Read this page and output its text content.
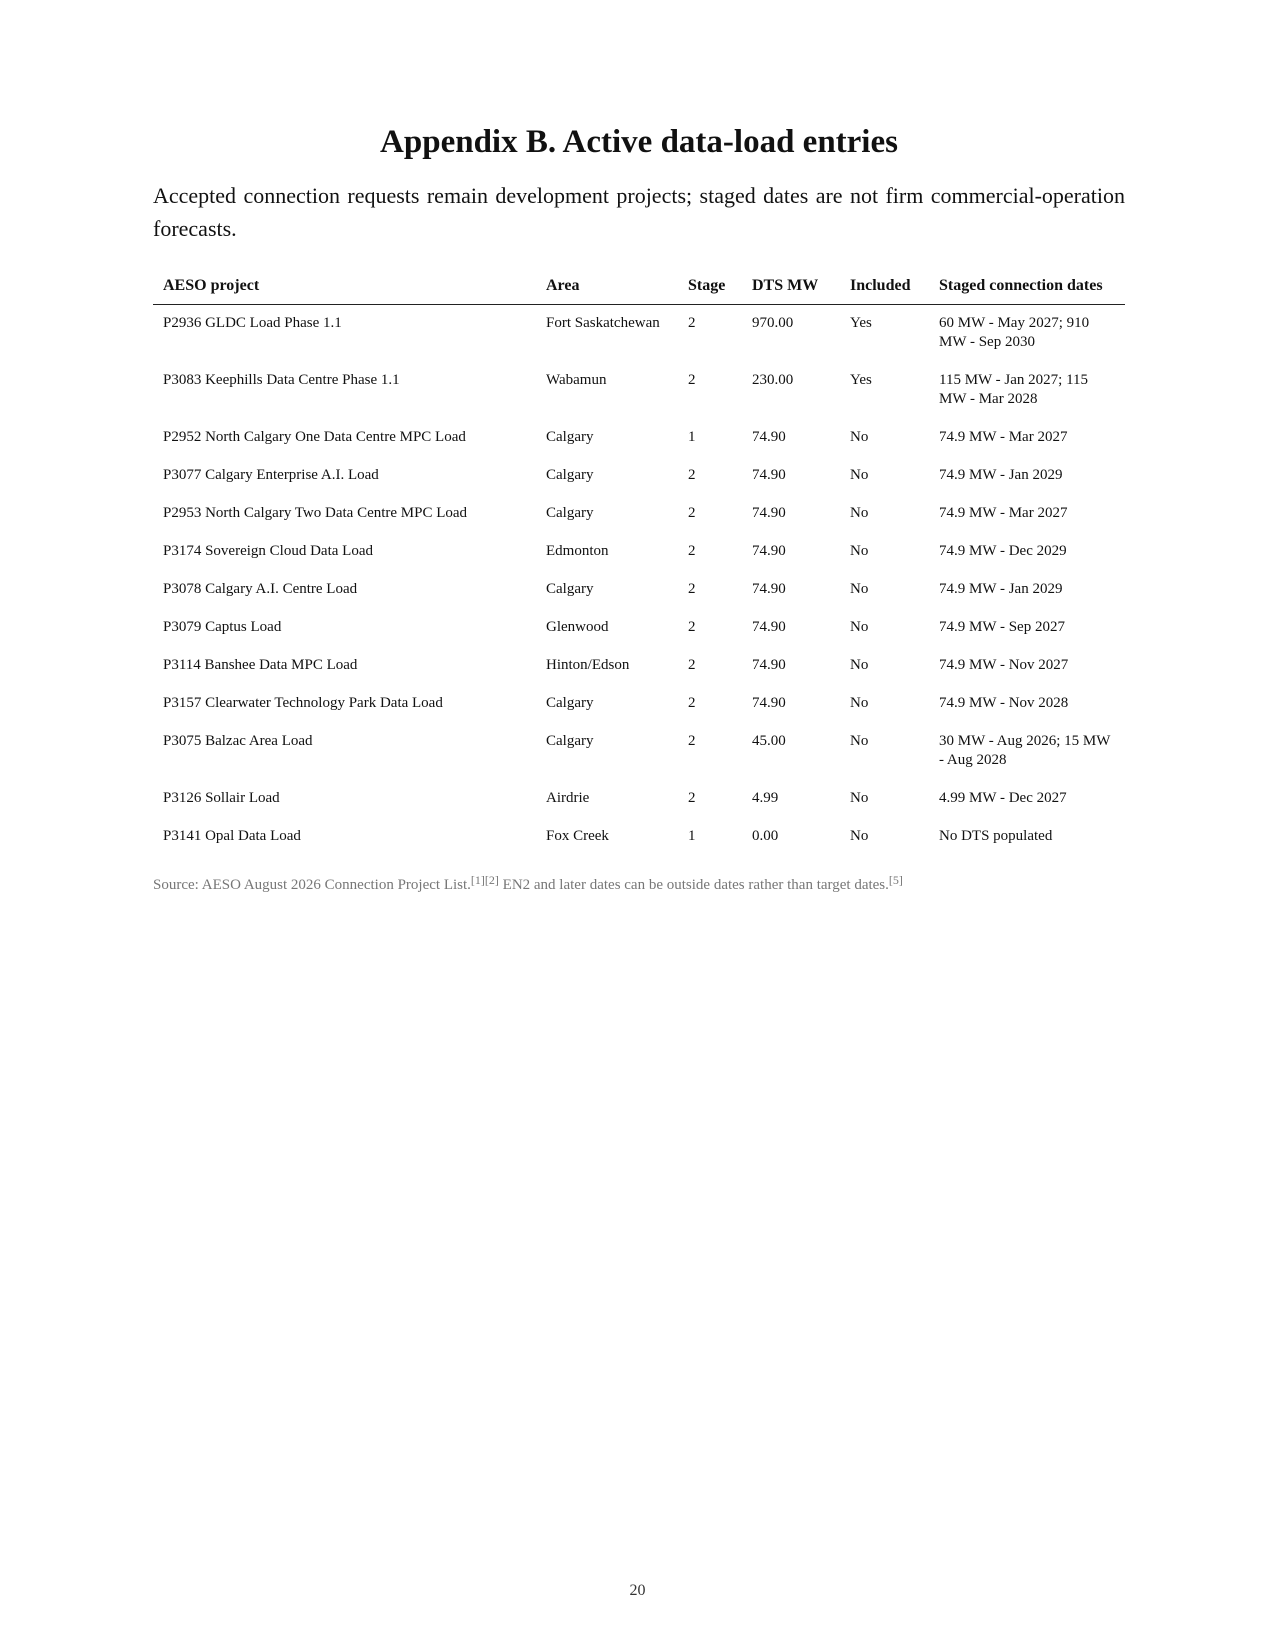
Appendix B. Active data-load entries

Accepted connection requests remain development projects; staged dates are not firm commercial-operation forecasts.

AESO project	Area	Stage	DTS MW	Included	Staged connection dates
P2936 GLDC Load Phase 1.1	Fort Saskatchewan	2	970.00	Yes	60 MW - May 2027; 910 MW - Sep 2030
P3083 Keephills Data Centre Phase 1.1	Wabamun	2	230.00	Yes	115 MW - Jan 2027; 115 MW - Mar 2028
P2952 North Calgary One Data Centre MPC Load	Calgary	1	74.90	No	74.9 MW - Mar 2027
P3077 Calgary Enterprise A.I. Load	Calgary	2	74.90	No	74.9 MW - Jan 2029
P2953 North Calgary Two Data Centre MPC Load	Calgary	2	74.90	No	74.9 MW - Mar 2027
P3174 Sovereign Cloud Data Load	Edmonton	2	74.90	No	74.9 MW - Dec 2029
P3078 Calgary A.I. Centre Load	Calgary	2	74.90	No	74.9 MW - Jan 2029
P3079 Captus Load	Glenwood	2	74.90	No	74.9 MW - Sep 2027
P3114 Banshee Data MPC Load	Hinton/Edson	2	74.90	No	74.9 MW - Nov 2027
P3157 Clearwater Technology Park Data Load	Calgary	2	74.90	No	74.9 MW - Nov 2028
P3075 Balzac Area Load	Calgary	2	45.00	No	30 MW - Aug 2026; 15 MW - Aug 2028
P3126 Sollair Load	Airdrie	2	4.99	No	4.99 MW - Dec 2027
P3141 Opal Data Load	Fox Creek	1	0.00	No	No DTS populated

Source: AESO August 2026 Connection Project List.[1][2] EN2 and later dates can be outside dates rather than target dates.[5]

20
